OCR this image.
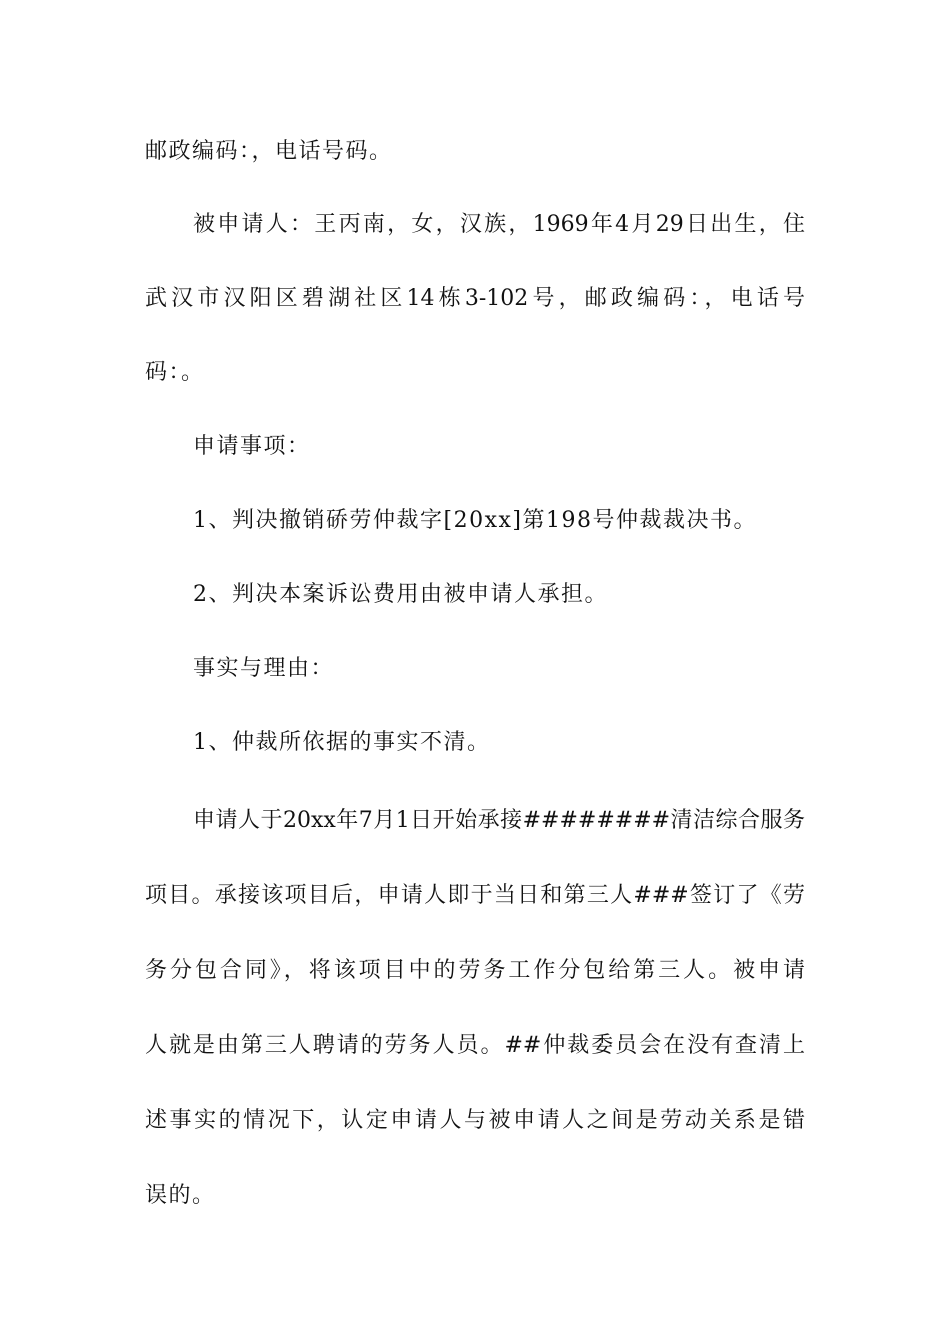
邮政编码：，电话号码。
被申请人：王丙南，女，汉族，1969年4月29日出生，住
武汉市汉阳区碧湖社区14栋3-102号，邮政编码：，电话号
码：。
申请事项：
1、判决撤销硚劳仲裁字[20xx]第198号仲裁裁决书。
2、判决本案诉讼费用由被申请人承担。
事实与理由：
1、仲裁所依据的事实不清。
申请人于20xx年7月1日开始承接########清洁综合服务
项目。承接该项目后，申请人即于当日和第三人###签订了《劳
务分包合同》，将该项目中的劳务工作分包给第三人。被申请
人就是由第三人聘请的劳务人员。##仲裁委员会在没有查清上
述事实的情况下，认定申请人与被申请人之间是劳动关系是错
误的。
